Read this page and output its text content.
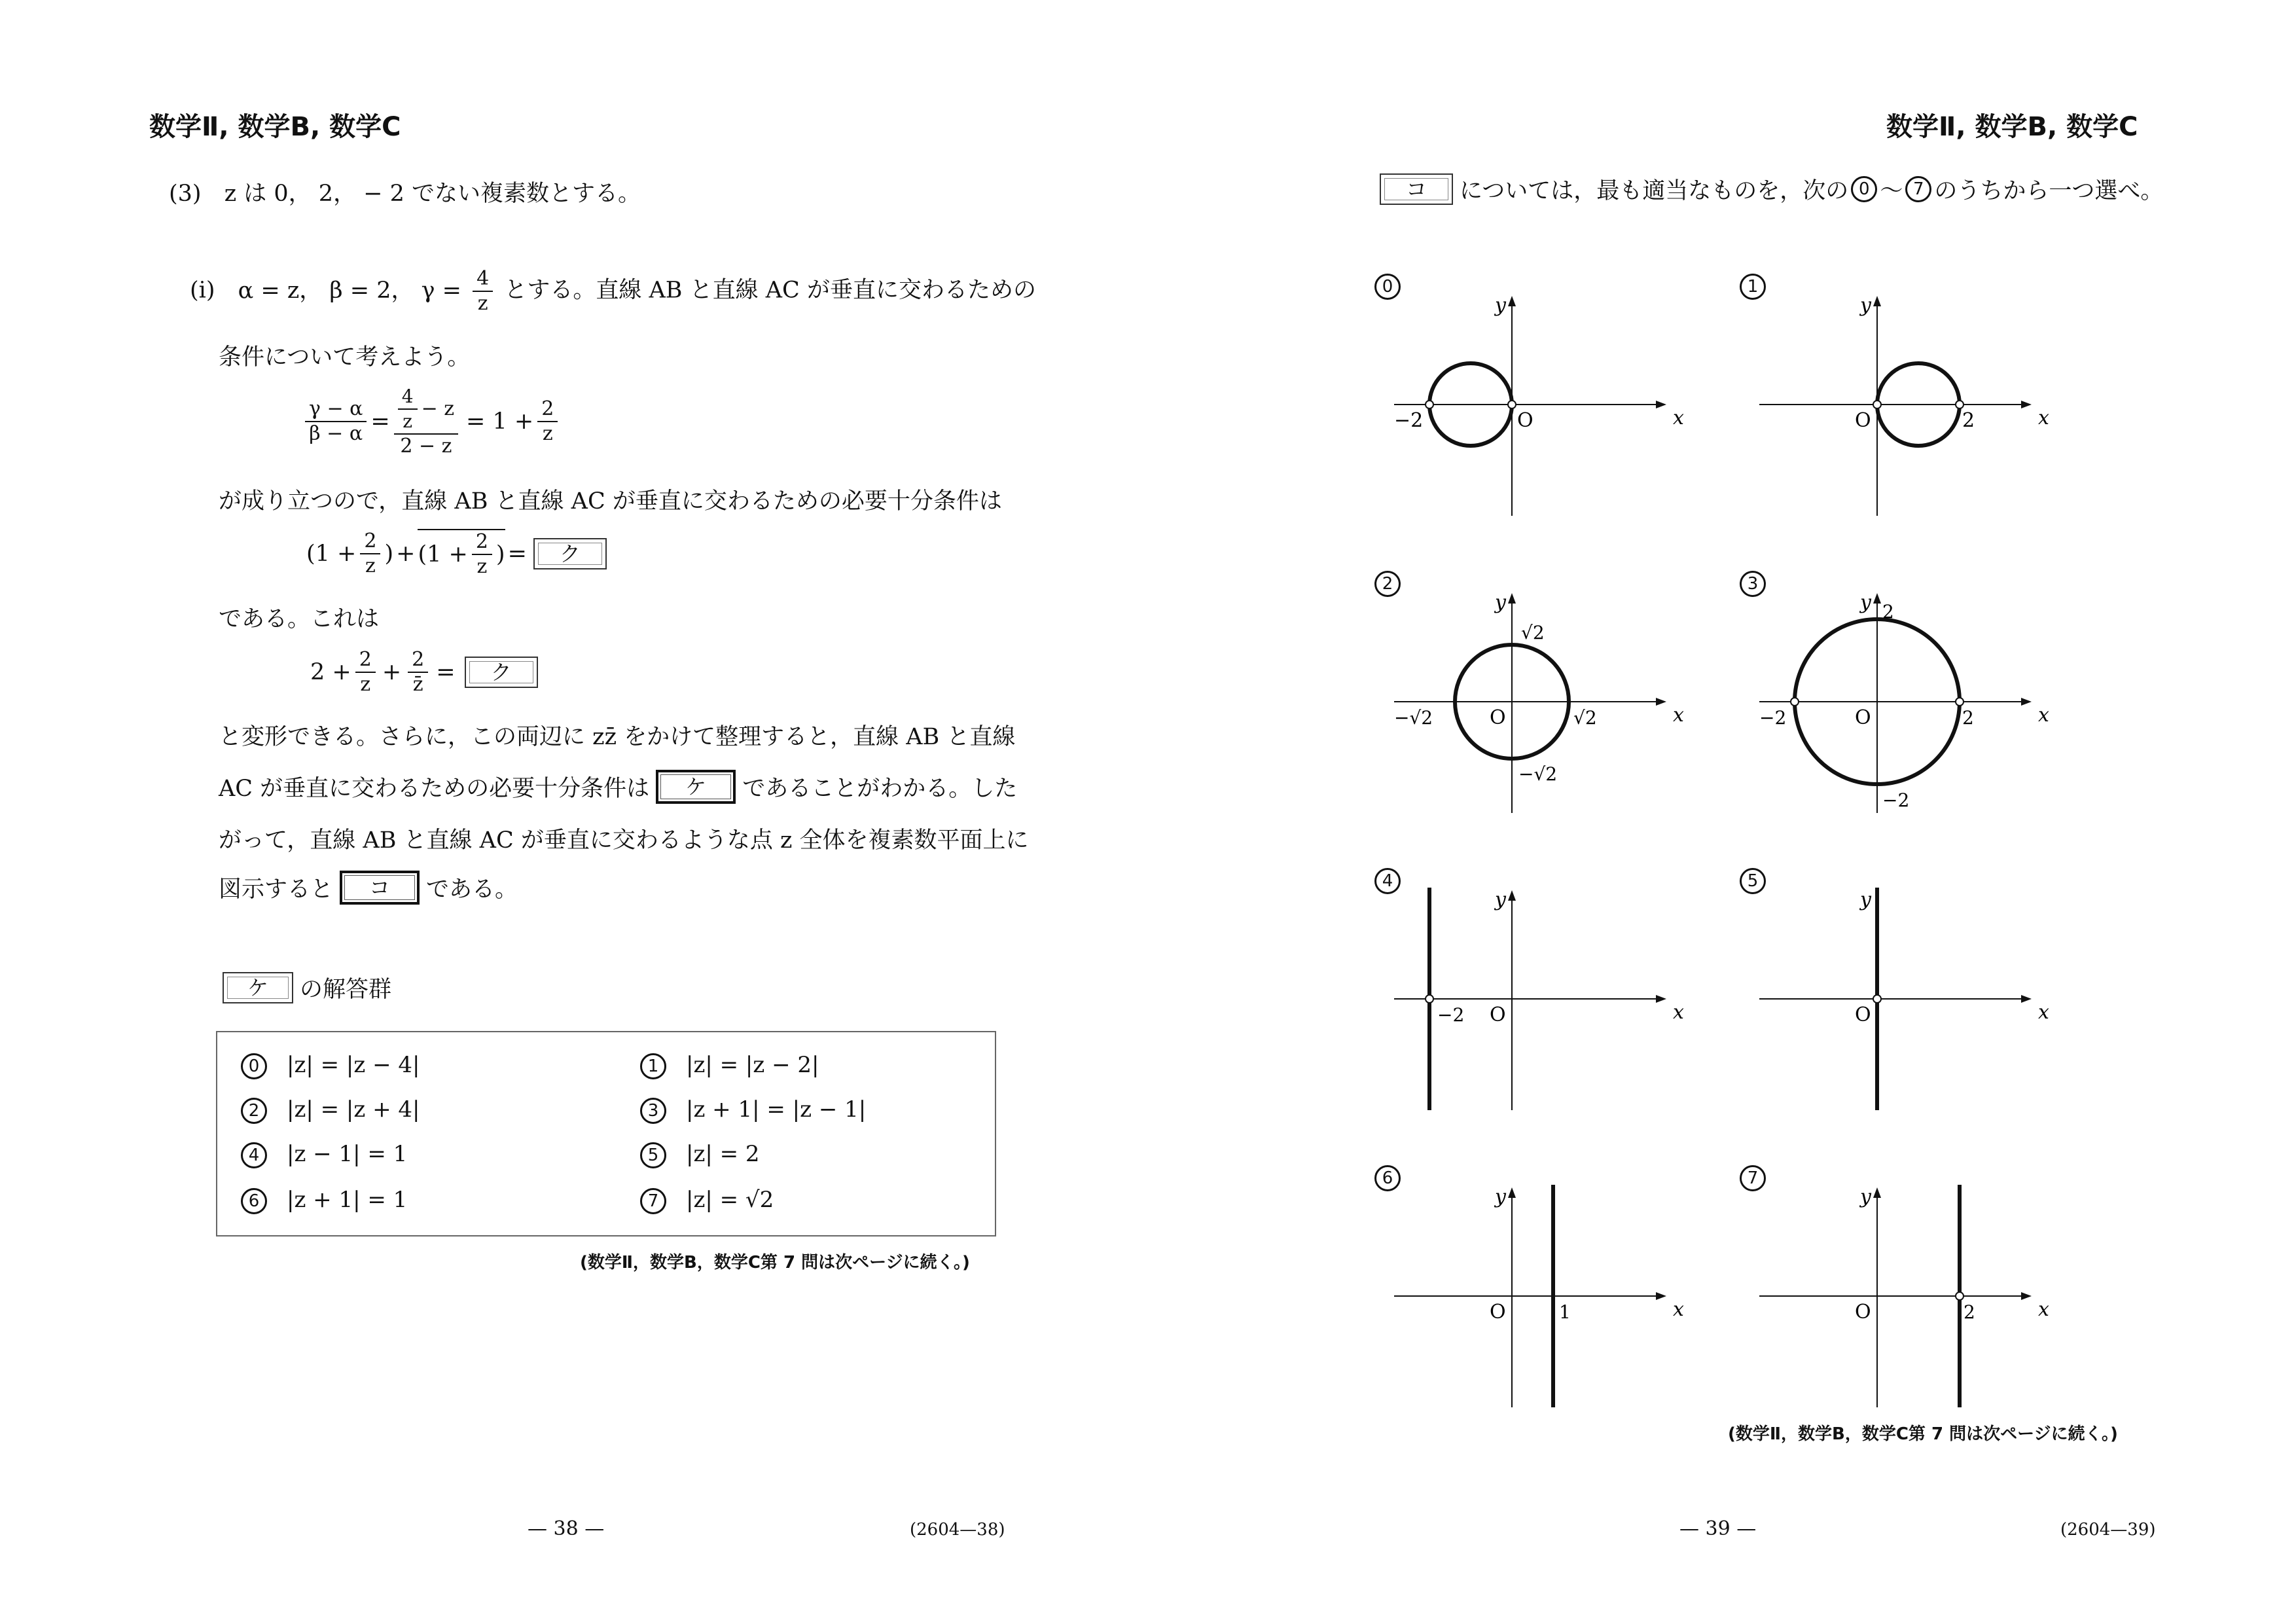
数学Ⅱ, 数学B, 数学C
(3) z は 0， 2， − 2 でない複素数とする。
(i) α = z， β = 2， $\gamma = \frac{4}{z}$ とする。直線 AB と直線 AC が垂直に交わるための
条件について考えよう。
$\frac{\gamma - \alpha}{\beta - \alpha} = \frac{\frac{4}{z} - z}{2 - z} = 1 + \frac{2}{z}$
が成り立つので，直線 AB と直線 AC が垂直に交わるための必要十分条件は
($1 + \frac{2}{z}$ ) + ($1 + \frac{2}{z}$ ) =	ク
である。これは
$2 + \frac{2}{z} + \frac{2}{z̄}$ =	ク
と変形できる。さらに，この両辺に zz̄ をかけて整理すると，直線 AB と直線
AC が垂直に交わるための必要十分条件は	ケ	であることがわかる。した
がって，直線 AB と直線 AC が垂直に交わるような点 z 全体を複素数平面上に
図示すると	コ	である。
ケ	の解答群
0 |z| = |z − 4|	1 |z| = |z − 2|
2 |z| = |z + 4|	3 |z + 1| = |z − 1|
4 |z − 1| = 1	5 |z| = 2
6 |z + 1| = 1	7 |z| = √2
(数学Ⅱ，数学B，数学C第 7 問は次ページに続く。)
— 38 —	(2604—38)
数学Ⅱ, 数学B, 数学C
コ	については，最も適当なものを，次の 0 ～ 7 のうちから一つ選べ。
0
y
x
O
−2
1
y
x
O	2
2
y
x
O
√2
−√2	√2
−√2
3
y
x
O
2
−2	2
−2
4
y
x
O
−2
5
y
x
O
6
y
x
O	1
7
y
x
O	2
(数学Ⅱ，数学B，数学C第 7 問は次ページに続く。)
— 39 —	(2604—39)
